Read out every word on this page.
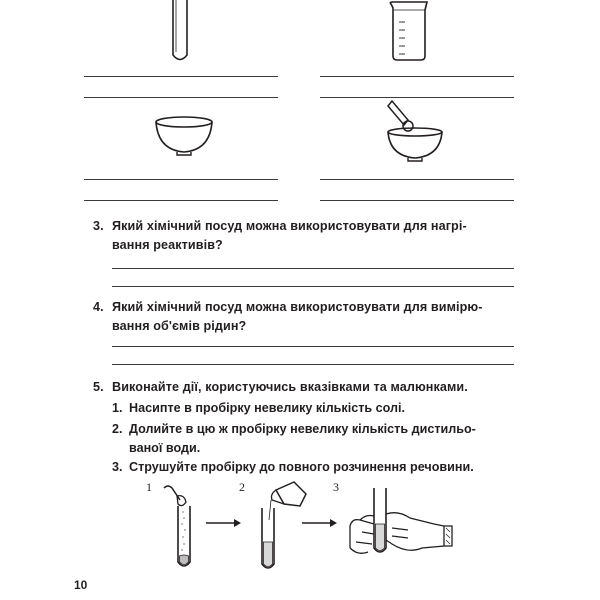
3. Який хімічний посуд можна використовувати для нагрі-
вання реактивів?
4. Який хімічний посуд можна використовувати для вимірю-
вання об'ємів рідин?
5. Виконайте дії, користуючись вказівками та малюнками.
1. Насипте в пробірку невелику кількість солі.
2. Долийте в цю ж пробірку невелику кількість дистильо-
ваної води.
3. Струшуйте пробірку до повного розчинення речовини.
1	2	3
10
